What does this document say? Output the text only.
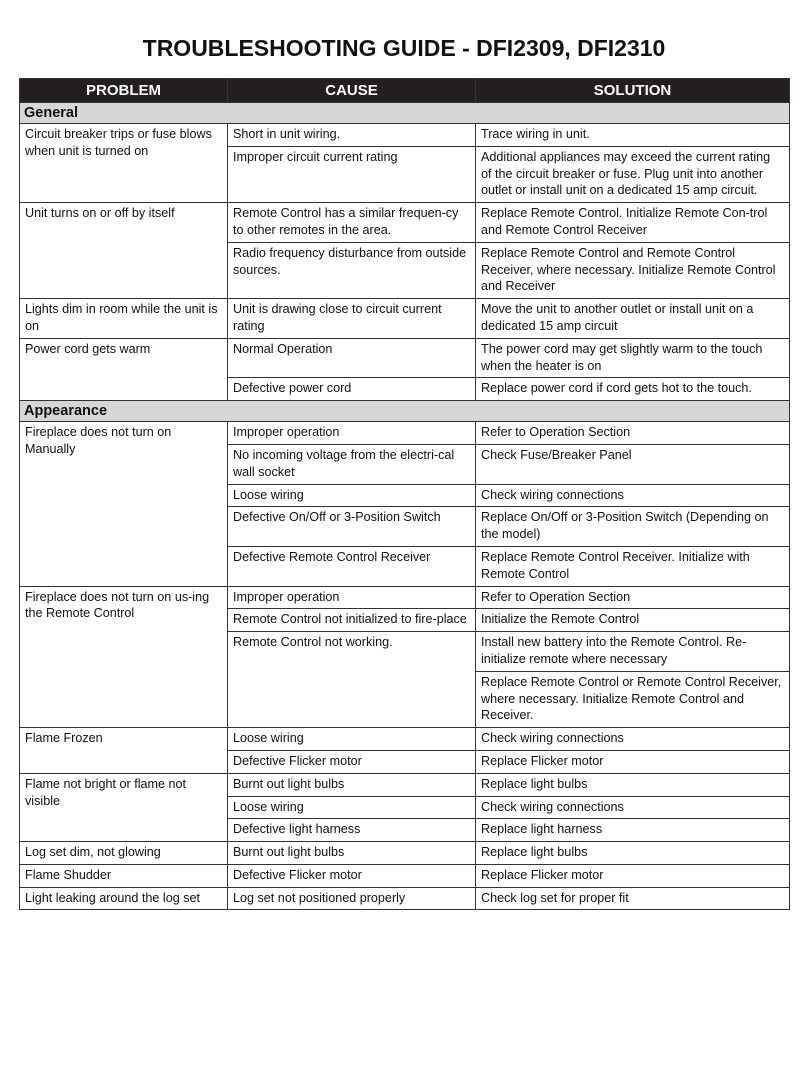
TROUBLESHOOTING GUIDE - DFI2309, DFI2310
PROBLEM	CAUSE	SOLUTION
General		
Circuit breaker trips or fuse blows when unit is turned on	Short in unit wiring.	Trace wiring in unit.
	Improper circuit current rating	Additional appliances may exceed the current rating of the circuit breaker or fuse. Plug unit into another outlet or install unit on a dedicated 15 amp circuit.
Unit turns on or off by itself	Remote Control has a similar frequen-cy to other remotes in the area.	Replace Remote Control. Initialize Remote Con-trol and Remote Control Receiver
	Radio frequency disturbance from outside sources.	Replace Remote Control and Remote Control Receiver, where necessary. Initialize Remote Control and Receiver
Lights dim in room while the unit is on	Unit is drawing close to circuit current rating	Move the unit to another outlet or install unit on a dedicated 15 amp circuit
Power cord gets warm	Normal Operation	The power cord may get slightly warm to the touch when the heater is on
	Defective power cord	Replace power cord if cord gets hot to the touch.
Appearance		
Fireplace does not turn on Manually	Improper operation	Refer to Operation Section
	No incoming voltage from the electri-cal wall socket	Check Fuse/Breaker Panel
	Loose wiring	Check wiring connections
	Defective On/Off or 3-Position Switch	Replace On/Off or 3-Position Switch (Depending on the model)
	Defective Remote Control Receiver	Replace Remote Control Receiver. Initialize with Remote Control
Fireplace does not turn on us-ing the Remote Control	Improper operation	Refer to Operation Section
	Remote Control not initialized to fire-place	Initialize the Remote Control
	Remote Control not working.	Install new battery into the Remote Control. Re-initialize remote where necessary
		Replace Remote Control or Remote Control Receiver, where necessary. Initialize Remote Control and Receiver.
Flame Frozen	Loose wiring	Check wiring connections
	Defective Flicker motor	Replace Flicker motor
Flame not bright or flame not visible	Burnt out light bulbs	Replace light bulbs
	Loose wiring	Check wiring connections
	Defective light harness	Replace light harness
Log set dim, not glowing	Burnt out light bulbs	Replace light bulbs
Flame Shudder	Defective Flicker motor	Replace Flicker motor
Light leaking around the log set	Log set not positioned properly	Check log set for proper fit
